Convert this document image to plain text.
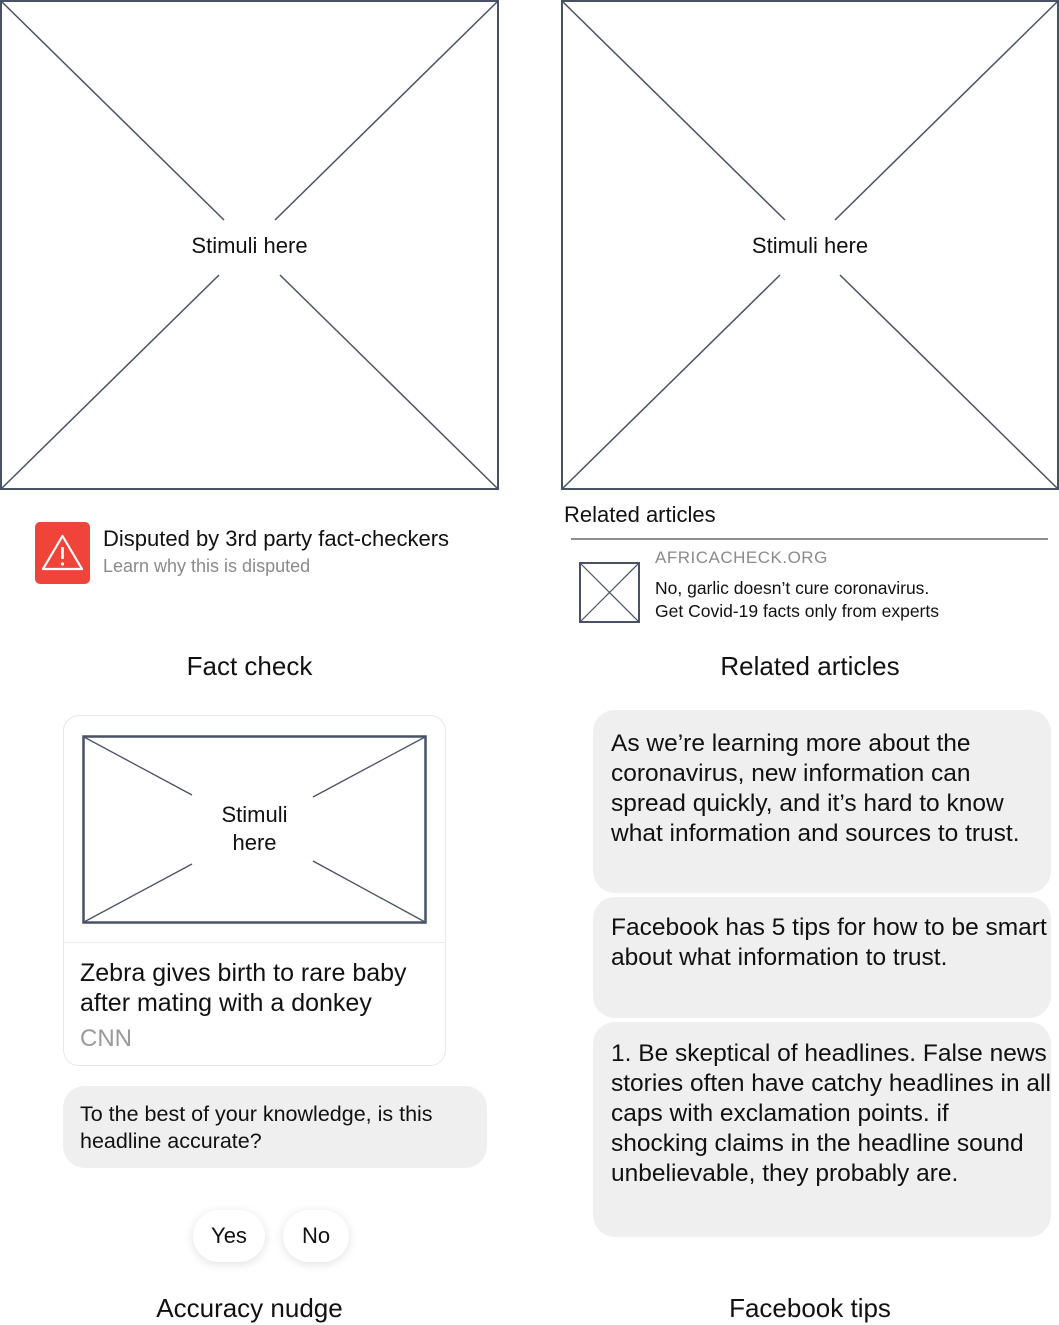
Stimuli here
Disputed by 3rd party fact-checkers
Learn why this is disputed
Fact check
Stimuli here
Related articles
AFRICACHECK.ORG
No, garlic doesn’t cure coronavirus.
Get Covid-19 facts only from experts
Related articles
Stimuli
here
Zebra gives birth to rare baby after mating with a donkey
CNN
To the best of your knowledge, is this headline accurate?
Yes	No
Accuracy nudge
As we’re learning more about the coronavirus, new information can spread quickly, and it’s hard to know what information and sources to trust.
Facebook has 5 tips for how to be smart about what information to trust.
1. Be skeptical of headlines. False news stories often have catchy headlines in all caps with exclamation points. if shocking claims in the headline sound unbelievable, they probably are.
Facebook tips
